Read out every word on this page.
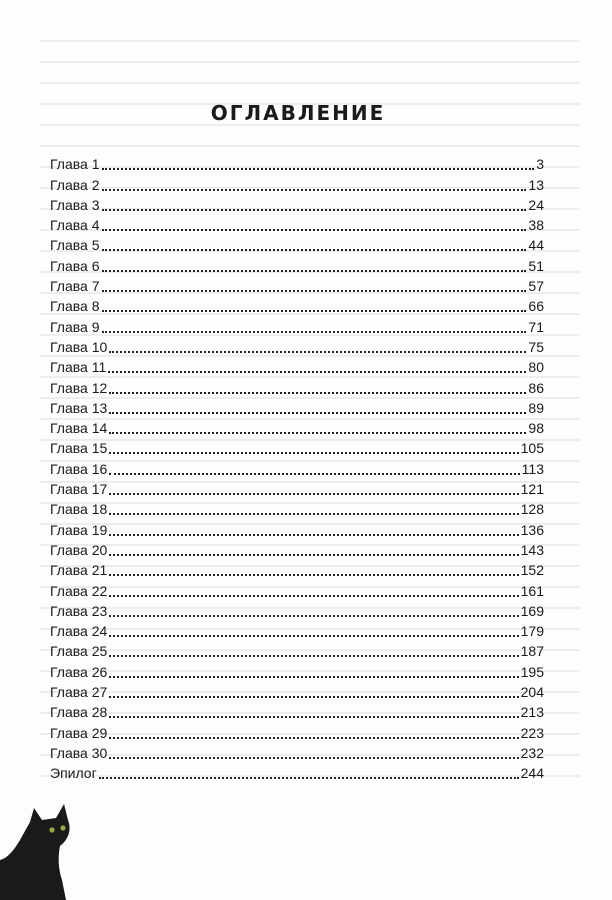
ОГЛАВЛЕНИЕ
Глава 1	3
Глава 2	13
Глава 3	24
Глава 4	38
Глава 5	44
Глава 6	51
Глава 7	57
Глава 8	66
Глава 9	71
Глава 10	75
Глава 11	80
Глава 12	86
Глава 13	89
Глава 14	98
Глава 15	105
Глава 16	113
Глава 17	121
Глава 18	128
Глава 19	136
Глава 20	143
Глава 21	152
Глава 22	161
Глава 23	169
Глава 24	179
Глава 25	187
Глава 26	195
Глава 27	204
Глава 28	213
Глава 29	223
Глава 30	232
Эпилог	244
